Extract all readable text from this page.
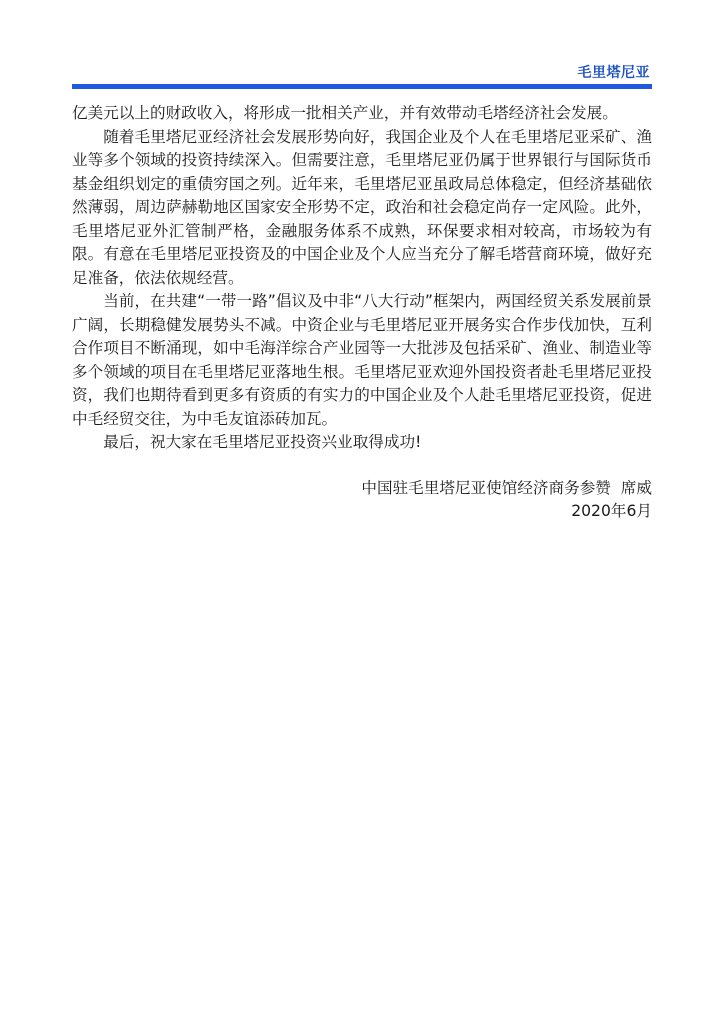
毛里塔尼亚

亿美元以上的财政收入，将形成一批相关产业，并有效带动毛塔经济社会发展。

随着毛里塔尼亚经济社会发展形势向好，我国企业及个人在毛里塔尼亚采矿、渔业等多个领域的投资持续深入。但需要注意，毛里塔尼亚仍属于世界银行与国际货币基金组织划定的重债穷国之列。近年来，毛里塔尼亚虽政局总体稳定，但经济基础依然薄弱，周边萨赫勒地区国家安全形势不定，政治和社会稳定尚存一定风险。此外，毛里塔尼亚外汇管制严格，金融服务体系不成熟，环保要求相对较高，市场较为有限。有意在毛里塔尼亚投资及的中国企业及个人应当充分了解毛塔营商环境，做好充足准备，依法依规经营。

当前，在共建“一带一路”倡议及中非“八大行动”框架内，两国经贸关系发展前景广阔，长期稳健发展势头不减。中资企业与毛里塔尼亚开展务实合作步伐加快，互利合作项目不断涌现，如中毛海洋综合产业园等一大批涉及包括采矿、渔业、制造业等多个领域的项目在毛里塔尼亚落地生根。毛里塔尼亚欢迎外国投资者赴毛里塔尼亚投资，我们也期待看到更多有资质的有实力的中国企业及个人赴毛里塔尼亚投资，促进中毛经贸交往，为中毛友谊添砖加瓦。

最后，祝大家在毛里塔尼亚投资兴业取得成功!

中国驻毛里塔尼亚使馆经济商务参赞  席威
2020年6月
